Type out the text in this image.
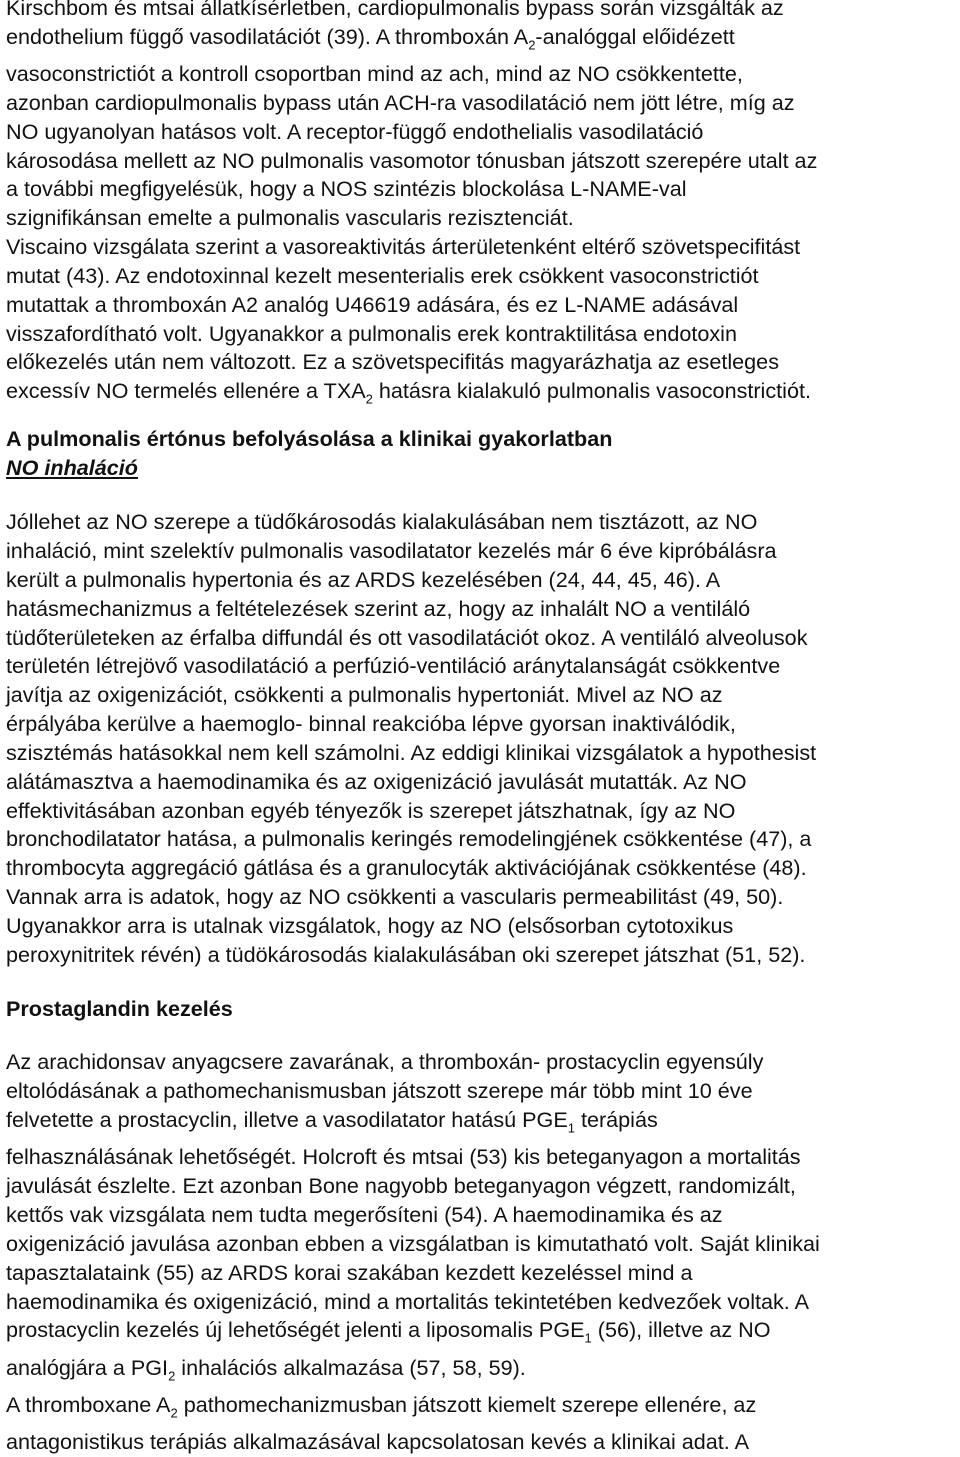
Kirschbom és mtsai állatkísérletben, cardiopulmonalis bypass során vizsgálták az
endothelium függő vasodilatációt (39). A thromboxán $A_2$-analóggal előidézett
vasoconstrictiót a kontroll csoportban mind az ach, mind az NO csökkentette,
azonban cardiopulmonalis bypass után ACH-ra vasodilatáció nem jött létre, míg az
NO ugyanolyan hatásos volt. A receptor-függő endothelialis vasodilatáció
károsodása mellett az NO pulmonalis vasomotor tónusban játszott szerepére utalt az
a további megfigyelésük, hogy a NOS szintézis blockolása L-NAME-val
szignifikánsan emelte a pulmonalis vascularis rezisztenciát.

Viscaino vizsgálata szerint a vasoreaktivitás árterületenként eltérő szövetspecifitást
mutat (43). Az endotoxinnal kezelt mesenterialis erek csökkent vasoconstrictiót
mutattak a thromboxán A2 analóg U46619 adására, és ez L-NAME adásával
visszafordítható volt. Ugyanakkor a pulmonalis erek kontraktilitása endotoxin
előkezelés után nem változott. Ez a szövetspecifitás magyarázhatja az esetleges
excessív NO termelés ellenére a $TXA_2$ hatásra kialakuló pulmonalis vasoconstrictiót.

A pulmonalis értónus befolyásolása a klinikai gyakorlatban
NO inhaláció

Jóllehet az NO szerepe a tüdőkárosodás kialakulásában nem tisztázott, az NO
inhaláció, mint szelektív pulmonalis vasodilatator kezelés már 6 éve kipróbálásra
került a pulmonalis hypertonia és az ARDS kezelésében (24, 44, 45, 46). A
hatásmechanizmus a feltételezések szerint az, hogy az inhalált NO a ventiláló
tüdőterületeken az érfalba diffundál és ott vasodilatációt okoz. A ventiláló alveolusok
területén létrejövő vasodilatáció a perfúzió-ventiláció aránytalanságát csökkentve
javítja az oxigenizációt, csökkenti a pulmonalis hypertoniát. Mivel az NO az
érpályába kerülve a haemoglo- binnal reakcióba lépve gyorsan inaktiválódik,
szisztémás hatásokkal nem kell számolni. Az eddigi klinikai vizsgálatok a hypothesist
alátámasztva a haemodinamika és az oxigenizáció javulását mutatták. Az NO
effektivitásában azonban egyéb tényezők is szerepet játszhatnak, így az NO
bronchodilatator hatása, a pulmonalis keringés remodelingjének csökkentése (47), a
thrombocyta aggregáció gátlása és a granulocyták aktivációjának csökkentése (48).
Vannak arra is adatok, hogy az NO csökkenti a vascularis permeabilitást (49, 50).
Ugyanakkor arra is utalnak vizsgálatok, hogy az NO (elsősorban cytotoxikus
peroxynitritek révén) a tüdökárosodás kialakulásában oki szerepet játszhat (51, 52).

Prostaglandin kezelés

Az arachidonsav anyagcsere zavarának, a thromboxán- prostacyclin egyensúly
eltolódásának a pathomechanismusban játszott szerepe már több mint 10 éve
felvetette a prostacyclin, illetve a vasodilatator hatású $PGE_1$ terápiás
felhasználásának lehetőségét. Holcroft és mtsai (53) kis beteganyagon a mortalitás
javulását észlelte. Ezt azonban Bone nagyobb beteganyagon végzett, randomizált,
kettős vak vizsgálata nem tudta megerősíteni (54). A haemodinamika és az
oxigenizáció javulása azonban ebben a vizsgálatban is kimutatható volt. Saját klinikai
tapasztalataink (55) az ARDS korai szakában kezdett kezeléssel mind a
haemodinamika és oxigenizáció, mind a mortalitás tekintetében kedvezőek voltak. A
prostacyclin kezelés új lehetőségét jelenti a liposomalis $PGE_1$ (56), illetve az NO
analógjára a $PGI_2$ inhalációs alkalmazása (57, 58, 59).

A thromboxane $A_2$ pathomechanizmusban játszott kiemelt szerepe ellenére, az
antagonistikus terápiás alkalmazásával kapcsolatosan kevés a klinikai adat. A
